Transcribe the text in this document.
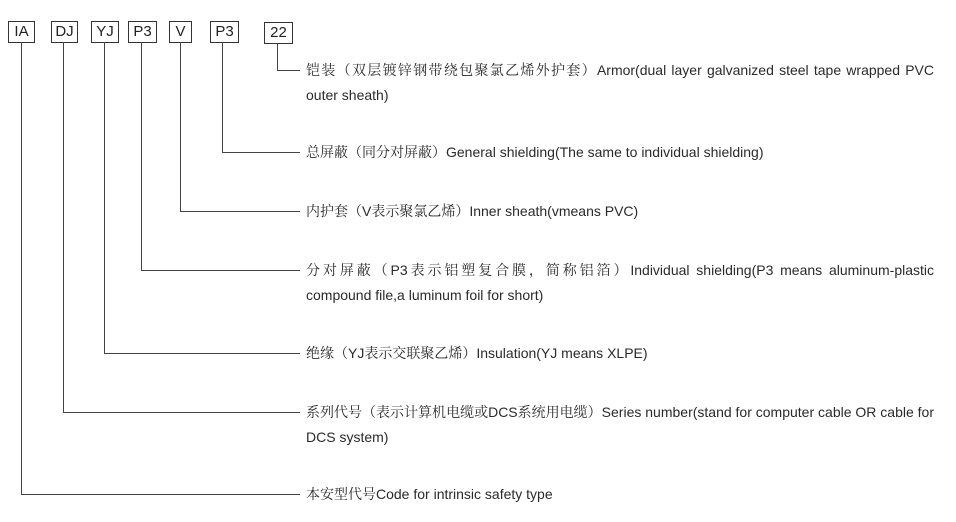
IA	DJ	YJ	P3	V	P3	22
铠装（双层镀锌钢带绕包聚氯乙烯外护套）Armor(dual layer galvanized steel tape wrapped PVC outer sheath)
总屏蔽（同分对屏蔽）General shielding(The same to individual shielding)
内护套（V表示聚氯乙烯）Inner sheath(vmeans PVC)
分对屏蔽（P3表示铝塑复合膜，简称铝箔）Individual shielding(P3 means aluminum-plastic compound file,a luminum foil for short)
绝缘（YJ表示交联聚乙烯）Insulation(YJ means XLPE)
系列代号（表示计算机电缆或DCS系统用电缆）Series number(stand for computer cable OR cable for DCS system)
本安型代号Code for intrinsic safety type
